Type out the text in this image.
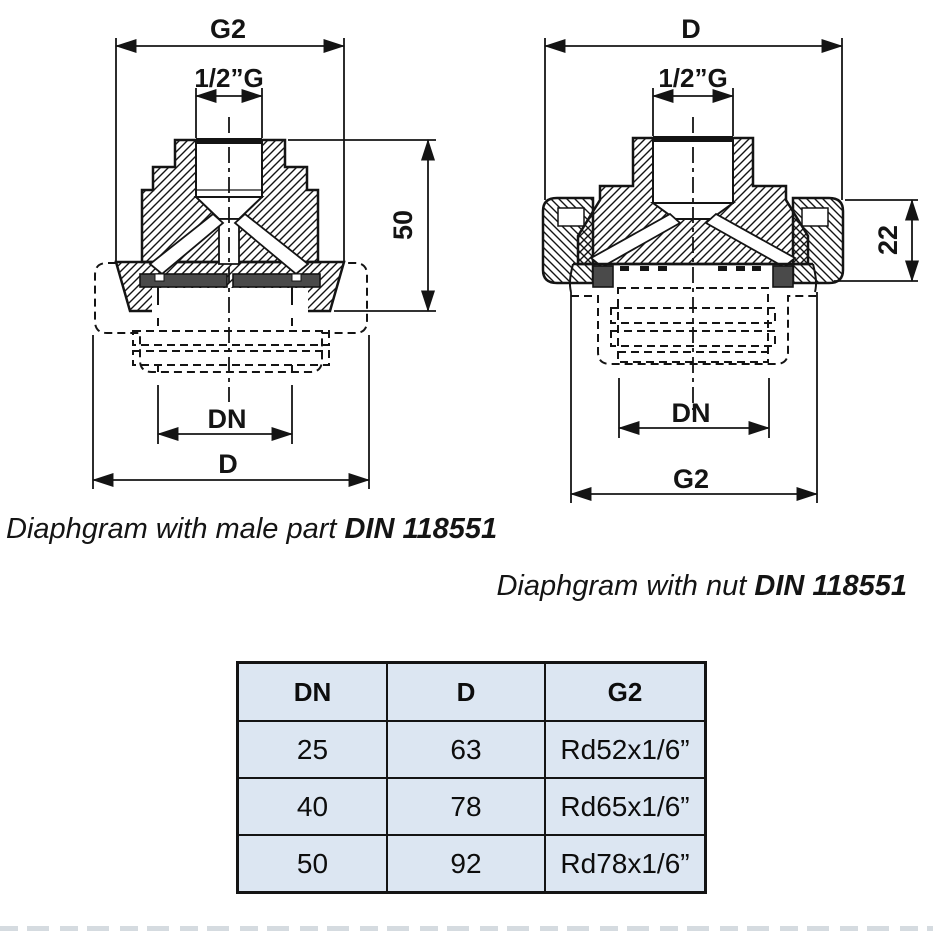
G2
1/2”G
50
DN
D
D
1/2”G
22
DN
G2
Diaphgram with male part DIN 118551
Diaphgram with nut DIN 118551
DN	D	G2
25	63	Rd52x1/6”
40	78	Rd65x1/6”
50	92	Rd78x1/6”
